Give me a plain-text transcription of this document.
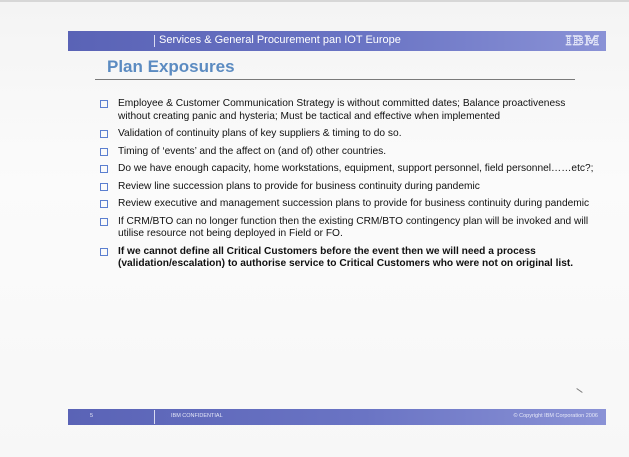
Services & General Procurement pan IOT Europe	IBM
Plan Exposures
Employee & Customer Communication Strategy is without committed dates; Balance proactiveness without creating panic and hysteria; Must be tactical and effective when implemented
Validation of continuity plans of key suppliers & timing to do so.
Timing of ‘events’ and the affect on (and of) other countries.
Do we have enough capacity, home workstations, equipment, support personnel, field personnel……etc?;
Review line succession plans to provide for business continuity during pandemic
Review executive and management succession plans to provide for business continuity during pandemic
If CRM/BTO can no longer function then the existing CRM/BTO contingency plan will be invoked and will utilise resource not being deployed in Field or FO.
If we cannot define all Critical Customers before the event then we will need a process (validation/escalation) to authorise service to Critical Customers who were not on original list.
5	IBM CONFIDENTIAL	© Copyright IBM Corporation 2006
